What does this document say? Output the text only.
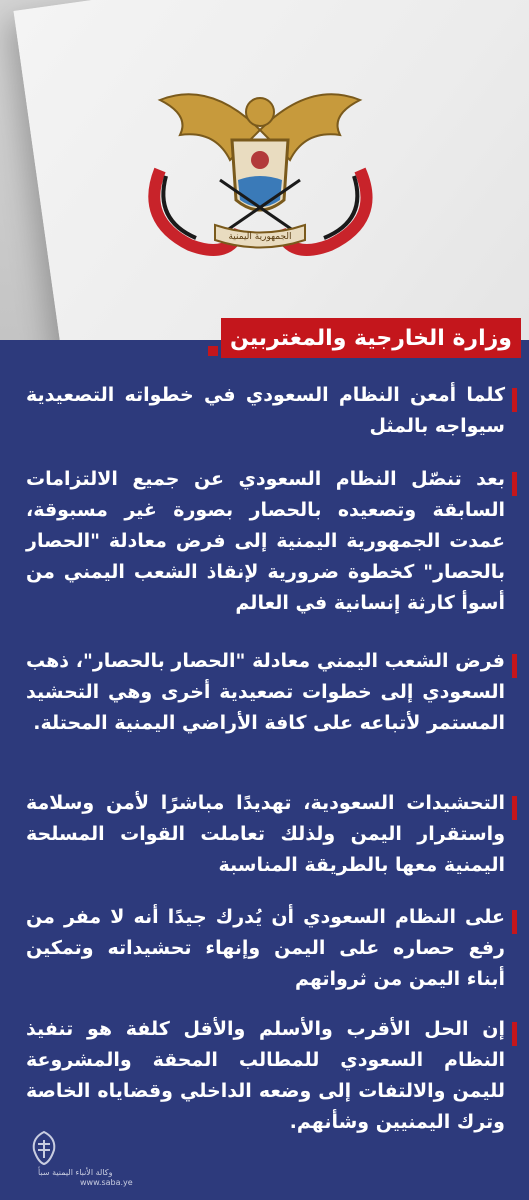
الجمهورية اليمنية
وزارة الخارجية والمغتربين
كلما أمعن النظام السعودي في خطواته التصعيدية سيواجه بالمثل
بعد تنصّل النظام السعودي عن جميع الالتزامات السابقة وتصعيده بالحصار بصورة غير مسبوقة، عمدت الجمهورية اليمنية إلى فرض معادلة "الحصار بالحصار" كخطوة ضرورية لإنقاذ الشعب اليمني من أسوأ كارثة إنسانية في العالم
فرض الشعب اليمني معادلة "الحصار بالحصار"، ذهب السعودي إلى خطوات تصعيدية أخرى وهي التحشيد المستمر لأتباعه على كافة الأراضي اليمنية المحتلة.
التحشيدات السعودية، تهديدًا مباشرًا لأمن وسلامة واستقرار اليمن ولذلك تعاملت القوات المسلحة اليمنية معها بالطريقة المناسبة
على النظام السعودي أن يُدرك جيدًا أنه لا مفر من رفع حصاره على اليمن وإنهاء تحشيداته وتمكين أبناء اليمن من ثرواتهم
إن الحل الأقرب والأسلم والأقل كلفة هو تنفيذ النظام السعودي للمطالب المحقة والمشروعة لليمن والالتفات إلى وضعه الداخلي وقضاياه الخاصة وترك اليمنيين وشأنهم.
وكالة الأنباء اليمنية سبأ
www.saba.ye
